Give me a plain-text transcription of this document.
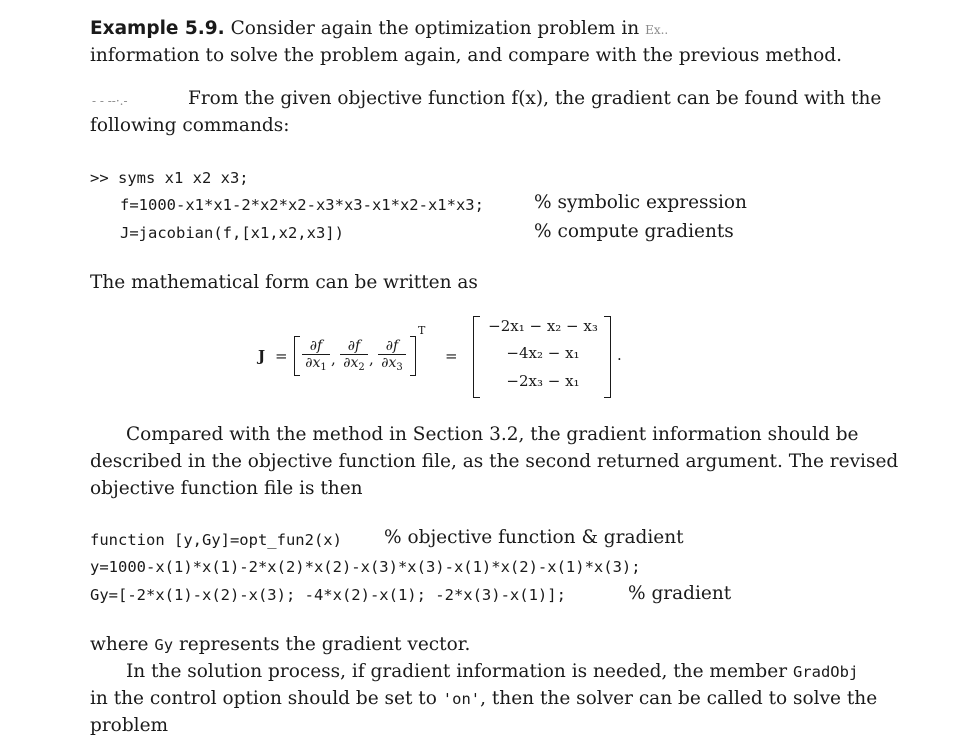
Example 5.9. Consider again the optimization problem in Ex..
information to solve the problem again, and compare with the previous method.
‑ ‑ ‑‑·.‑	From the given objective function f(x), the gradient can be found with the
following commands:
>> syms x1 x2 x3;
f=1000-x1*x1-2*x2*x2-x3*x3-x1*x2-x1*x3;	% symbolic expression
J=jacobian(f,[x1,x2,x3])	% compute gradients
The mathematical form can be written as
$J = \frac{\partial f}{\partial x_1}$ , $\frac{\partial f}{\partial x_2}$ , $\frac{\partial f}{\partial x_3}$
T
=
−2x₁ − x₂ − x₃
−4x₂ − x₁
−2x₃ − x₁
.
Compared with the method in Section 3.2, the gradient information should be
described in the objective function file, as the second returned argument. The revised
objective function file is then
function [y,Gy]=opt_fun2(x) % objective function & gradient
y=1000-x(1)*x(1)-2*x(2)*x(2)-x(3)*x(3)-x(1)*x(2)-x(1)*x(3);
Gy=[-2*x(1)-x(2)-x(3); -4*x(2)-x(1); -2*x(3)-x(1)];	% gradient
where Gy represents the gradient vector.
In the solution process, if gradient information is needed, the member GradObj
in the control option should be set to 'on', then the solver can be called to solve the
problem
